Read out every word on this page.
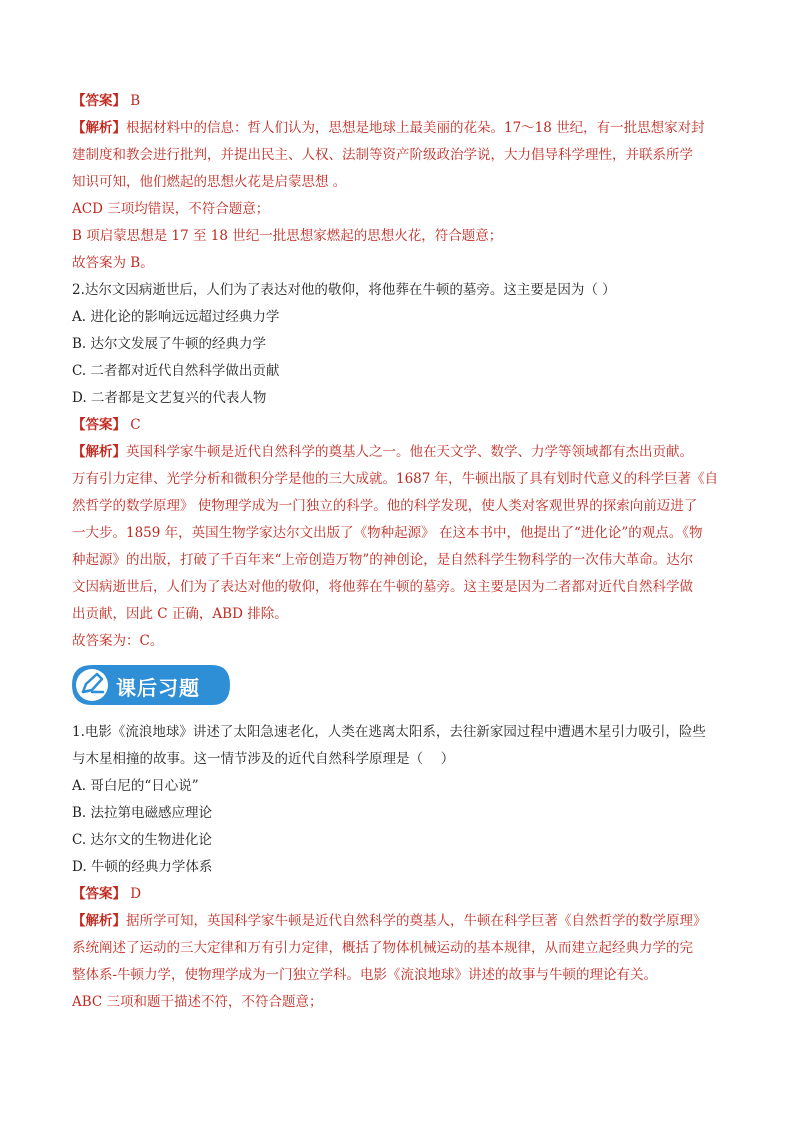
【答案】 B
【解析】根据材料中的信息：哲人们认为，思想是地球上最美丽的花朵。17～18 世纪，有一批思想家对封
建制度和教会进行批判，并提出民主、人权、法制等资产阶级政治学说，大力倡导科学理性，并联系所学
知识可知，他们燃起的思想火花是启蒙思想 。
ACD 三项均错误，不符合题意；
B 项启蒙思想是 17 至 18 世纪一批思想家燃起的思想火花，符合题意；
故答案为 B。
2.达尔文因病逝世后，人们为了表达对他的敬仰，将他葬在牛顿的墓旁。这主要是因为（ ）
A. 进化论的影响远远超过经典力学
B. 达尔文发展了牛顿的经典力学
C. 二者都对近代自然科学做出贡献
D. 二者都是文艺复兴的代表人物
【答案】 C
【解析】英国科学家牛顿是近代自然科学的奠基人之一。他在天文学、数学、力学等领域都有杰出贡献。
万有引力定律、光学分析和微积分学是他的三大成就。1687 年，牛顿出版了具有划时代意义的科学巨著《自
然哲学的数学原理》 使物理学成为一门独立的科学。他的科学发现，使人类对客观世界的探索向前迈进了
一大步。1859 年，英国生物学家达尔文出版了《物种起源》 在这本书中，他提出了“进化论”的观点。《物
种起源》的出版，打破了千百年来“上帝创造万物”的神创论，是自然科学生物科学的一次伟大革命。达尔
文因病逝世后，人们为了表达对他的敬仰，将他葬在牛顿的墓旁。这主要是因为二者都对近代自然科学做
出贡献，因此 C 正确，ABD 排除。
故答案为：C。
课后习题
1.电影《流浪地球》讲述了太阳急速老化，人类在逃离太阳系，去往新家园过程中遭遇木星引力吸引，险些
与木星相撞的故事。这一情节涉及的近代自然科学原理是（　 ）
A. 哥白尼的“日心说”
B. 法拉第电磁感应理论
C. 达尔文的生物进化论
D. 牛顿的经典力学体系
【答案】 D
【解析】据所学可知，英国科学家牛顿是近代自然科学的奠基人，牛顿在科学巨著《自然哲学的数学原理》
系统阐述了运动的三大定律和万有引力定律，概括了物体机械运动的基本规律，从而建立起经典力学的完
整体系-牛顿力学，使物理学成为一门独立学科。电影《流浪地球》讲述的故事与牛顿的理论有关。
ABC 三项和题干描述不符，不符合题意；
